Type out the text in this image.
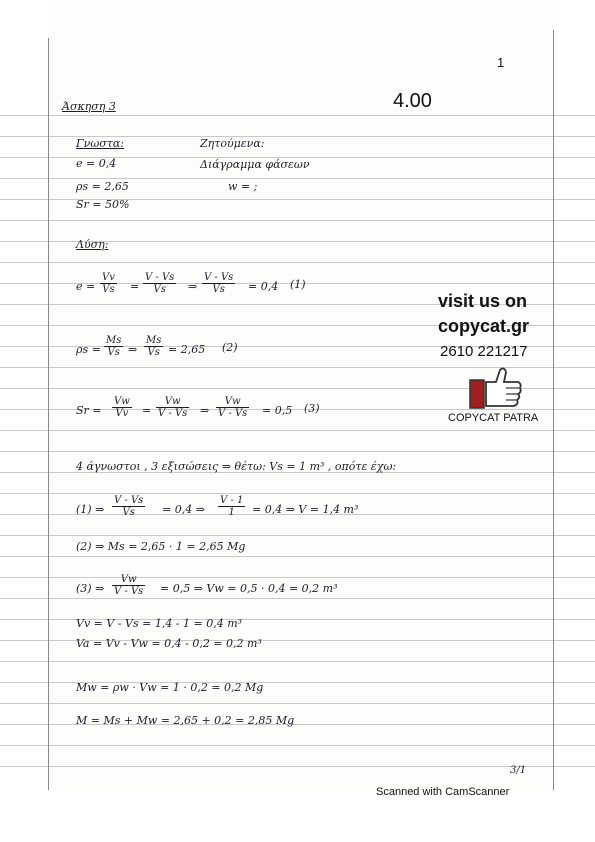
1
4.00
Άσκηση 3
Γνωστα:
e = 0,4
ρs = 2,65
Sr = 50%
Ζητούμενα:
Διάγραμμα φάσεων
w = ;
Λύση:
$e = \frac{Vv}{Vs} = \frac{V - Vs}{Vs}$ ⇒ $\frac{V - Vs}{Vs} = 0,4$ (1)
$\rho s = \frac{Ms}{Vs}$ ⇒ $\frac{Ms}{Vs} = 2,65$ (2)
$Sr = \frac{Vw}{Vv} = \frac{Vw}{V - Vs}$ ⇒ $\frac{Vw}{V - Vs} = 0,5$ (3)
4 άγνωστοι , 3 εξισώσεις ⇒ θέτω: Vs = 1 m³ , οπότε έχω:
(1) ⇒ $\frac{V - Vs}{Vs} = 0,4$ ⇒ $\frac{V - 1}{1} = 0,4$ ⇒ V = 1,4 m³
(2) ⇒ Ms = 2,65 · 1 = 2,65 Mg
(3) ⇒ $\frac{Vw}{V - Vs} = 0,5$ ⇒ Vw = 0,5 · 0,4 = 0,2 m³
Vv = V - Vs = 1,4 - 1 = 0,4 m³
Va = Vv - Vw = 0,4 - 0,2 = 0,2 m³
Mw = ρw · Vw = 1 · 0,2 = 0,2 Mg
M = Ms + Mw = 2,65 + 0,2 = 2,85 Mg
visit us on
copycat.gr
2610 221217
COPYCAT PATRA
3/1
Scanned with CamScanner
